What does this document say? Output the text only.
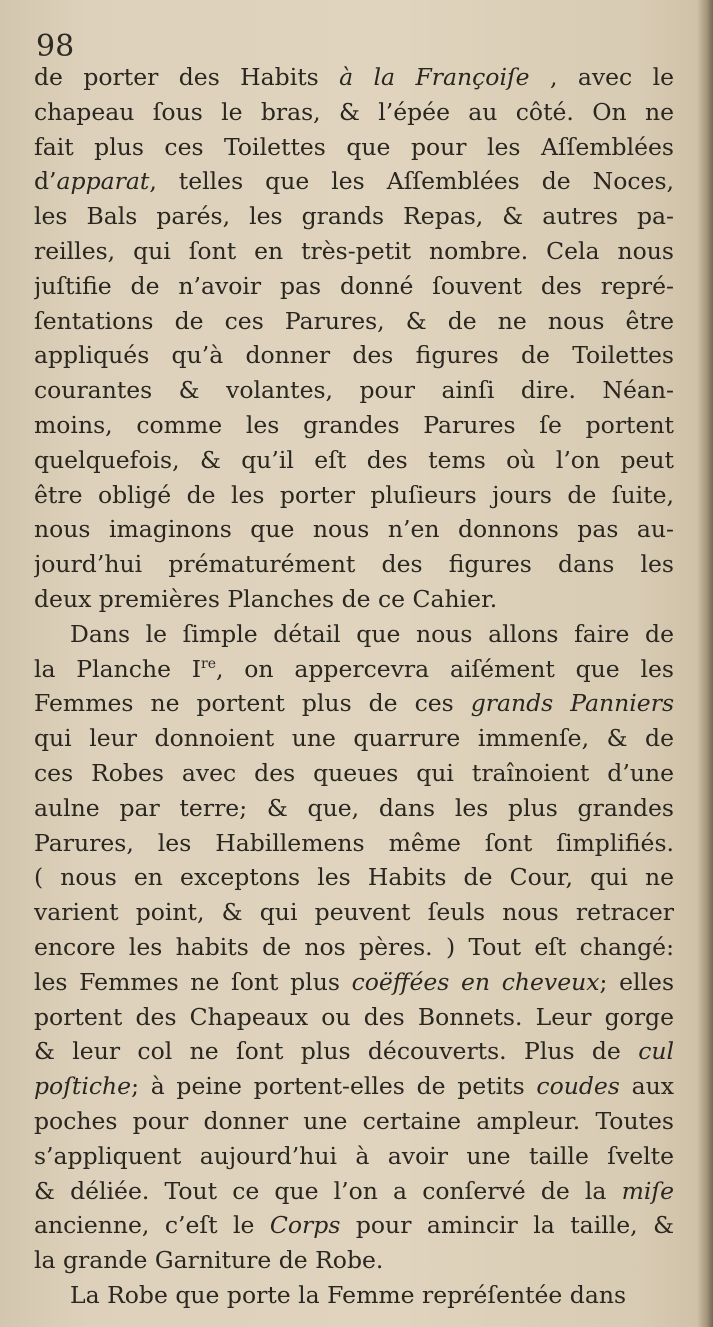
98
de porter des Habits à la Françoiſe , avec le
chapeau ſous le bras, & l’épée au côté. On ne
fait plus ces Toilettes que pour les Aſſemblées
d’apparat, telles que les Aſſemblées de Noces,
les Bals parés, les grands Repas, & autres pa-
reilles, qui ſont en très-petit nombre. Cela nous
juſtifie de n’avoir pas donné ſouvent des repré-
ſentations de ces Parures, & de ne nous être
appliqués qu’à donner des figures de Toilettes
courantes & volantes, pour ainſi dire. Néan-
moins, comme les grandes Parures ſe portent
quelquefois, & qu’il eſt des tems où l’on peut
être obligé de les porter pluſieurs jours de ſuite,
nous imaginons que nous n’en donnons pas au-
jourd’hui prématurément des figures dans les
deux premières Planches de ce Cahier.
Dans le ſimple détail que nous allons faire de
la Planche Ire, on appercevra aiſément que les
Femmes ne portent plus de ces grands Panniers
qui leur donnoient une quarrure immenſe, & de
ces Robes avec des queues qui traînoient d’une
aulne par terre; & que, dans les plus grandes
Parures, les Habillemens même ſont ſimplifiés.
( nous en exceptons les Habits de Cour, qui ne
varient point, & qui peuvent ſeuls nous retracer
encore les habits de nos pères. ) Tout eſt changé:
les Femmes ne ſont plus coëffées en cheveux; elles
portent des Chapeaux ou des Bonnets. Leur gorge
& leur col ne ſont plus découverts. Plus de cul
poſtiche; à peine portent-elles de petits coudes aux
poches pour donner une certaine ampleur. Toutes
s’appliquent aujourd’hui à avoir une taille ſvelte
& déliée. Tout ce que l’on a conſervé de la miſe
ancienne, c’eſt le Corps pour amincir la taille, &
la grande Garniture de Robe.
La Robe que porte la Femme repréſentée dans
